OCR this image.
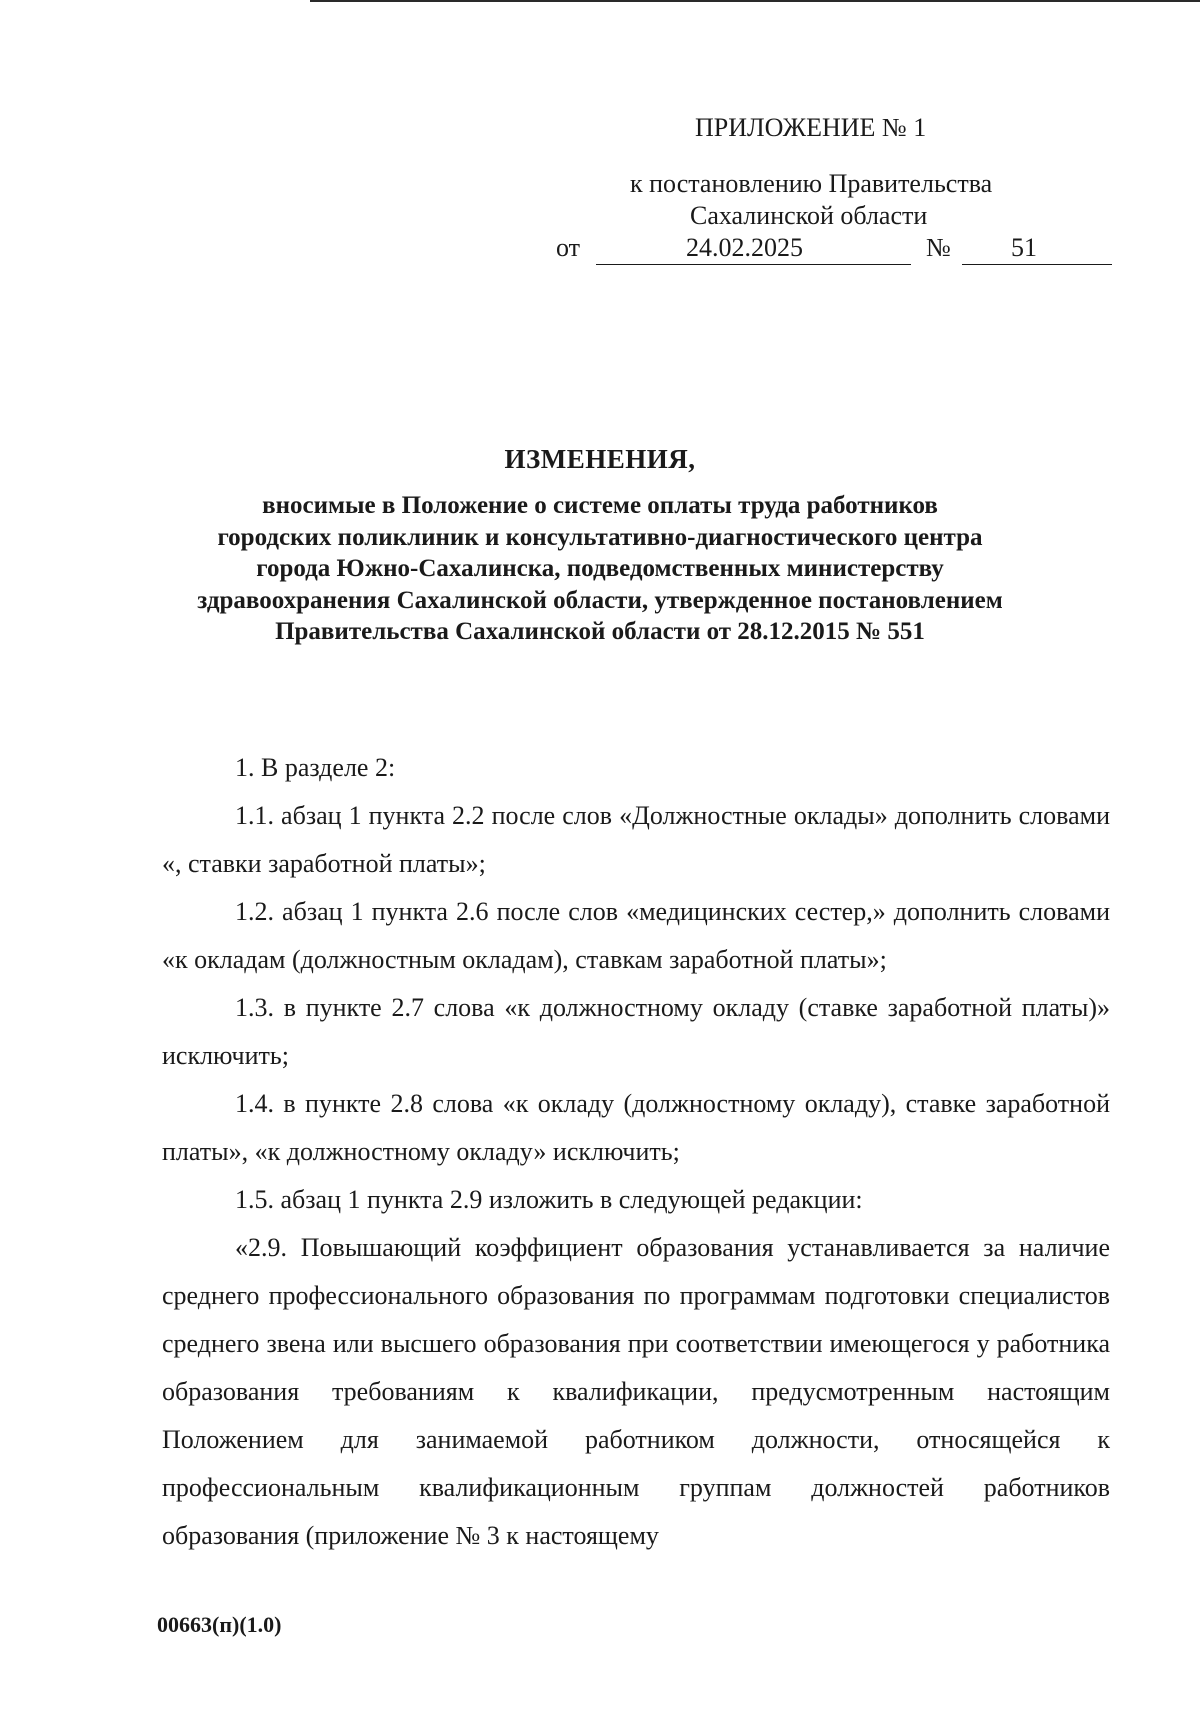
ПРИЛОЖЕНИЕ № 1
к постановлению Правительства
Сахалинской области
от	24.02.2025	№ 51
ИЗМЕНЕНИЯ,
вносимые в Положение о системе оплаты труда работников
городских поликлиник и консультативно-диагностического центра
города Южно-Сахалинска, подведомственных министерству
здравоохранения Сахалинской области, утвержденное постановлением
Правительства Сахалинской области от 28.12.2015 № 551

1. В разделе 2:

1.1. абзац 1 пункта 2.2 после слов «Должностные оклады» дополнить словами «, ставки заработной платы»;

1.2. абзац 1 пункта 2.6 после слов «медицинских сестер,» дополнить словами «к окладам (должностным окладам), ставкам заработной платы»;

1.3. в пункте 2.7 слова «к должностному окладу (ставке заработной платы)» исключить;

1.4. в пункте 2.8 слова «к окладу (должностному окладу), ставке заработной платы», «к должностному окладу» исключить;

1.5. абзац 1 пункта 2.9 изложить в следующей редакции:

«2.9. Повышающий коэффициент образования устанавливается за наличие среднего профессионального образования по программам подготовки специалистов среднего звена или высшего образования при соответствии имеющегося у работника образования требованиям к квалификации, предусмотренным настоящим Положением для занимаемой работником должности, относящейся к профессиональным квалификационным группам должностей работников образования (приложение № 3 к настоящему

00663(п)(1.0)
